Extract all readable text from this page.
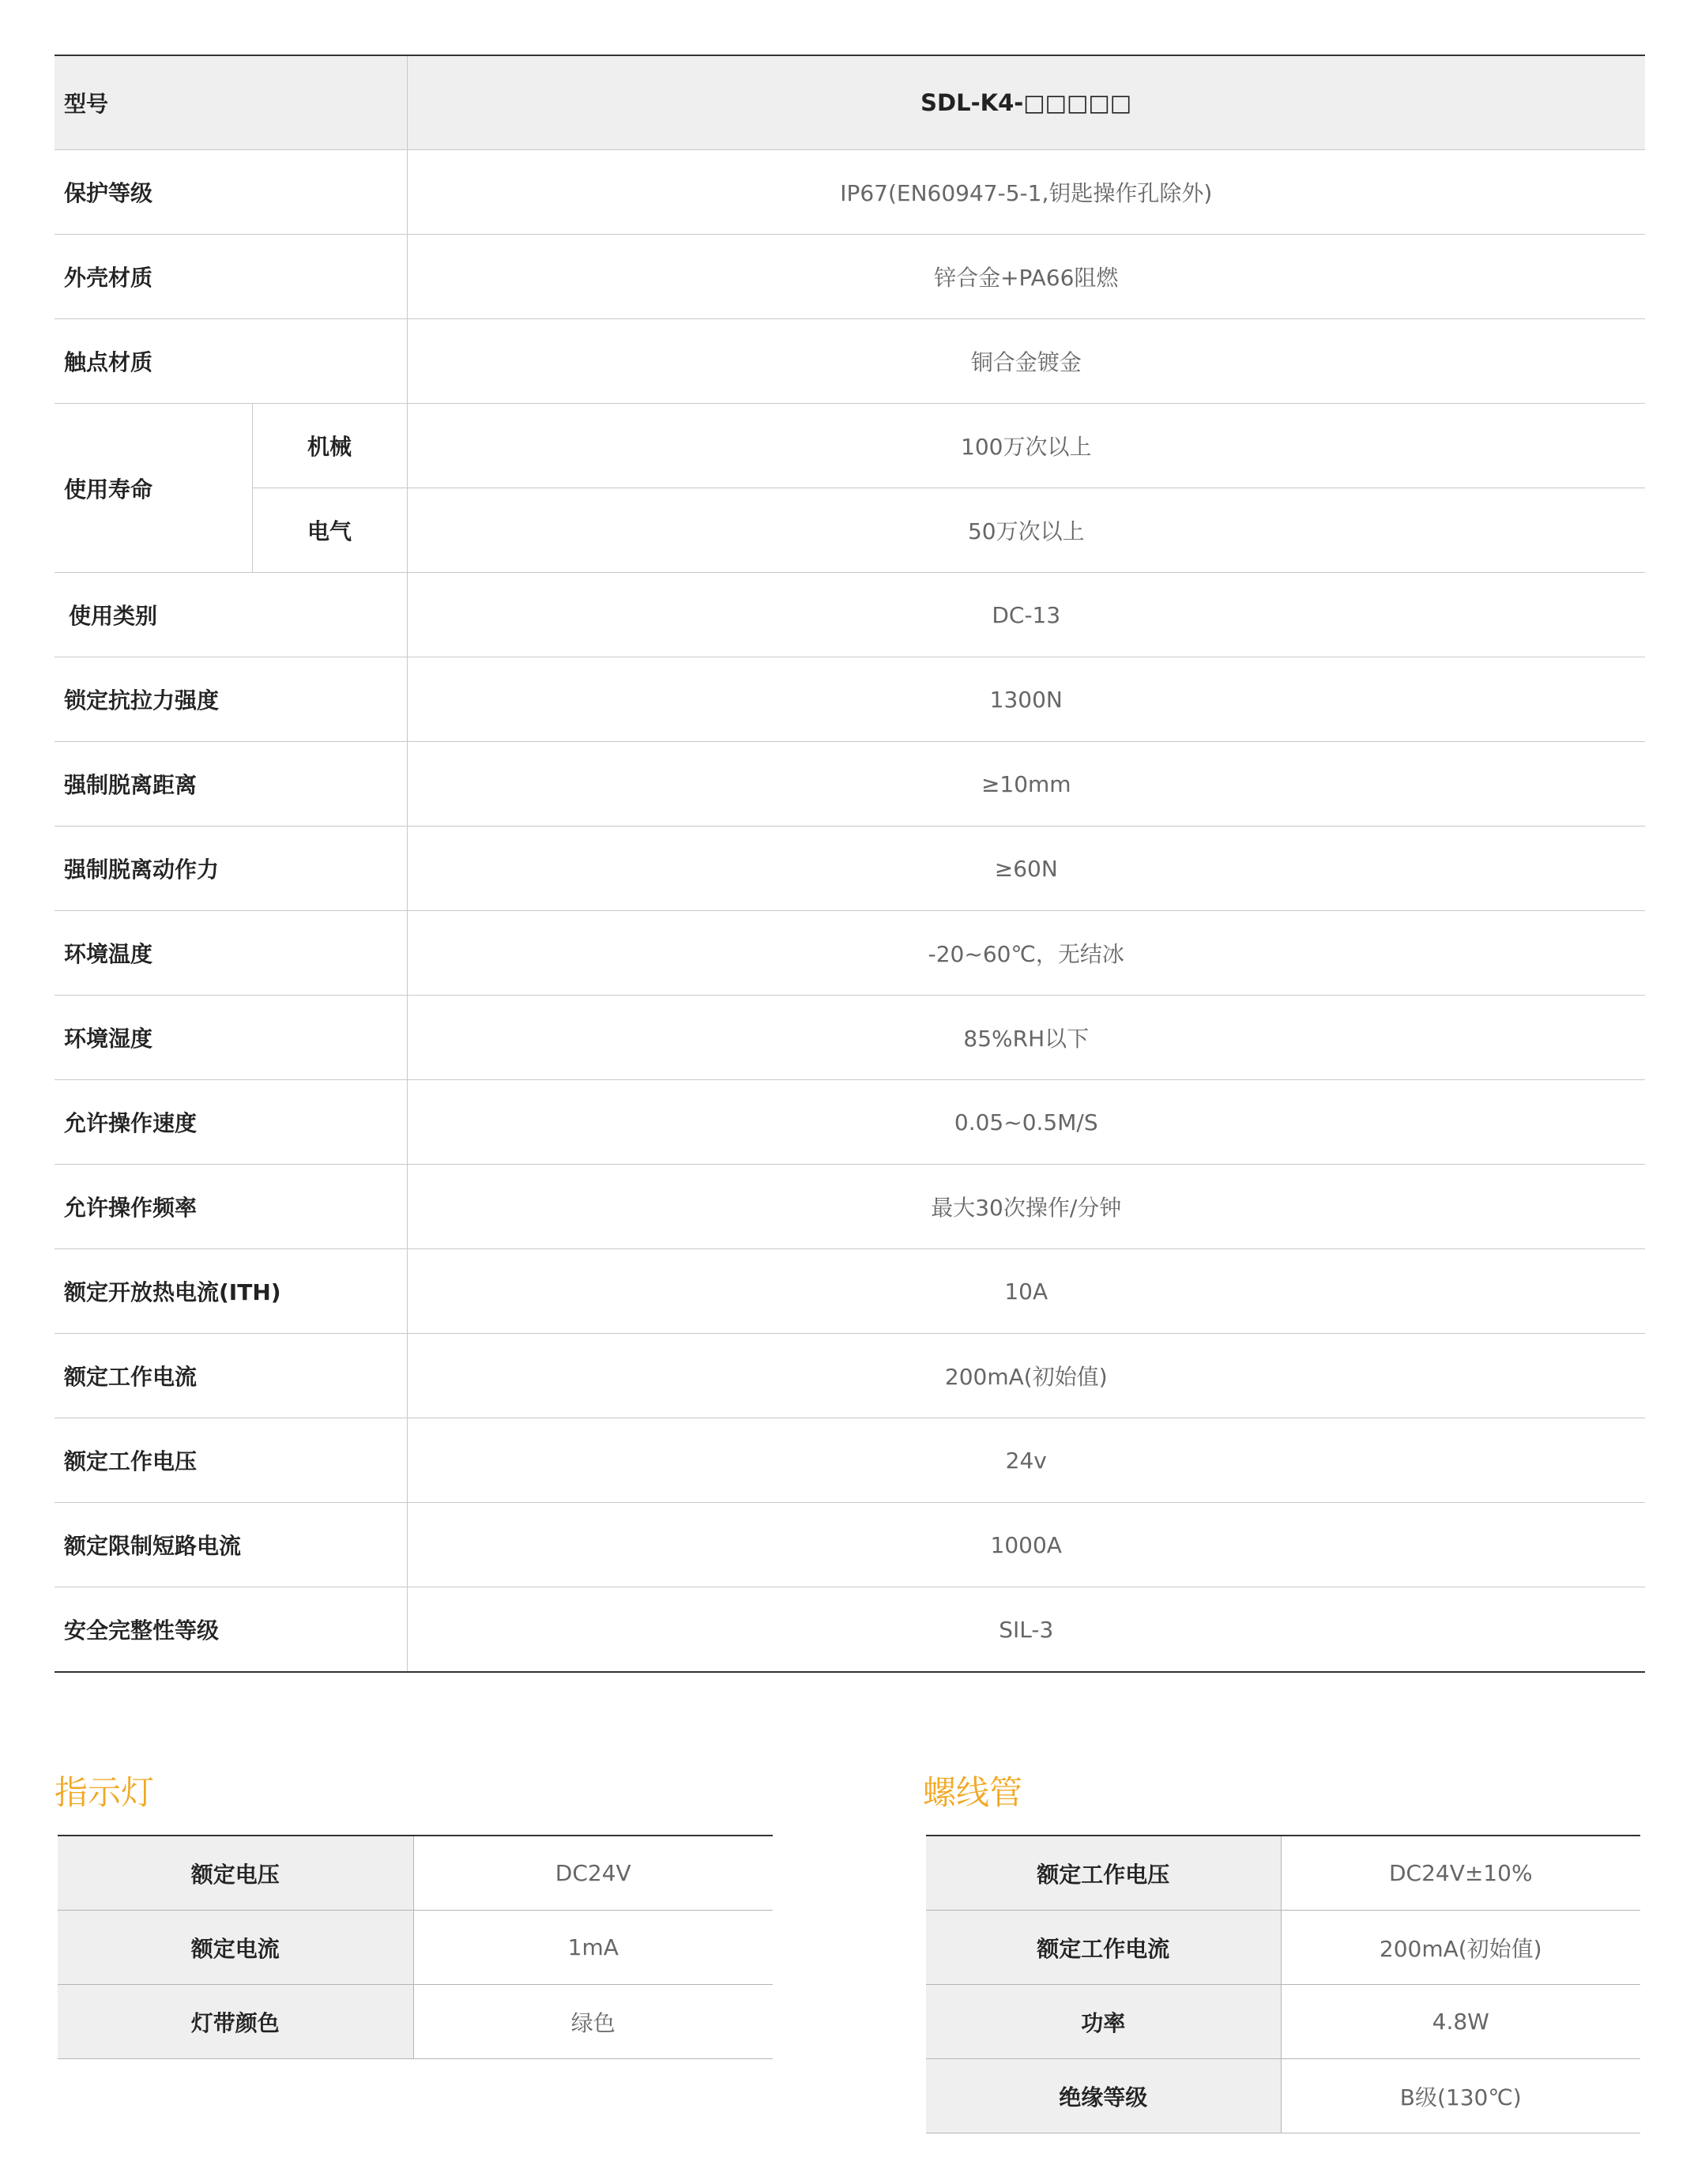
型号		SDL-K4-□□□□□
保护等级		IP67(EN60947-5-1,钥匙操作孔除外)
外壳材质		锌合金+PA66阻燃
触点材质		铜合金镀金
使用寿命	机械	100万次以上
	电气	50万次以上
使用类别		DC-13
锁定抗拉力强度		1300N
强制脱离距离		≥10mm
强制脱离动作力		≥60N
环境温度		-20~60℃，无结冰
环境湿度		85%RH以下
允许操作速度		0.05~0.5M/S
允许操作频率		最大30次操作/分钟
额定开放热电流(ITH)		10A
额定工作电流		200mA(初始值)
额定工作电压		24v
额定限制短路电流		1000A
安全完整性等级		SIL-3
指示灯
额定电压	DC24V
额定电流	1mA
灯带颜色	绿色
螺线管
额定工作电压	DC24V±10%
额定工作电流	200mA(初始值)
功率	4.8W
绝缘等级	B级(130℃)
